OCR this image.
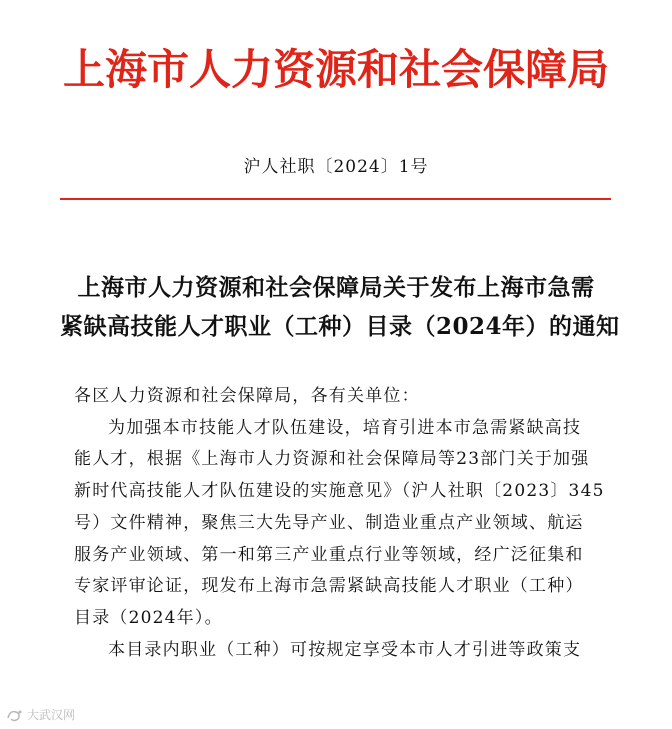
上海市人力资源和社会保障局
沪人社职〔2024〕1号
上海市人力资源和社会保障局关于发布上海市急需
紧缺高技能人才职业（工种）目录（2024年）的通知

各区人力资源和社会保障局，各有关单位：

为加强本市技能人才队伍建设，培育引进本市急需紧缺高技

能人才，根据《上海市人力资源和社会保障局等23部门关于加强

新时代高技能人才队伍建设的实施意见》（沪人社职〔2023〕345

号）文件精神，聚焦三大先导产业、制造业重点产业领域、航运

服务产业领域、第一和第三产业重点行业等领域，经广泛征集和

专家评审论证，现发布上海市急需紧缺高技能人才职业（工种）

目录（2024年）。

本目录内职业（工种）可按规定享受本市人才引进等政策支

大武汉网
